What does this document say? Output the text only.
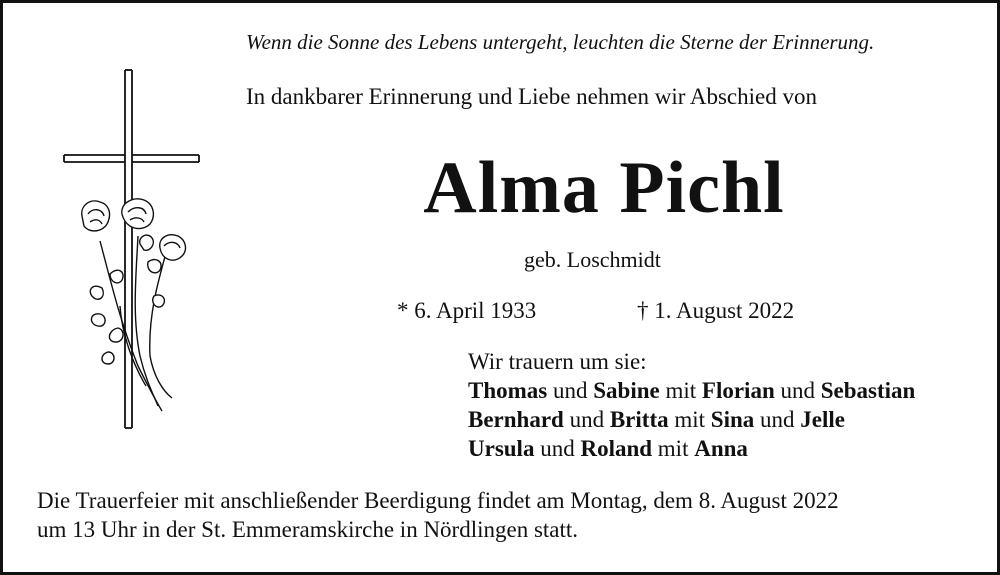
Wenn die Sonne des Lebens untergeht, leuchten die Sterne der Erinnerung.
In dankbarer Erinnerung und Liebe nehmen wir Abschied von
Alma Pichl
geb. Loschmidt
* 6. April 1933	† 1. August 2022
Wir trauern um sie:
Thomas und Sabine mit Florian und Sebastian
Bernhard und Britta mit Sina und Jelle
Ursula und Roland mit Anna
Die Trauerfeier mit anschließender Beerdigung findet am Montag, dem 8. August 2022
um 13 Uhr in der St. Emmeramskirche in Nördlingen statt.
